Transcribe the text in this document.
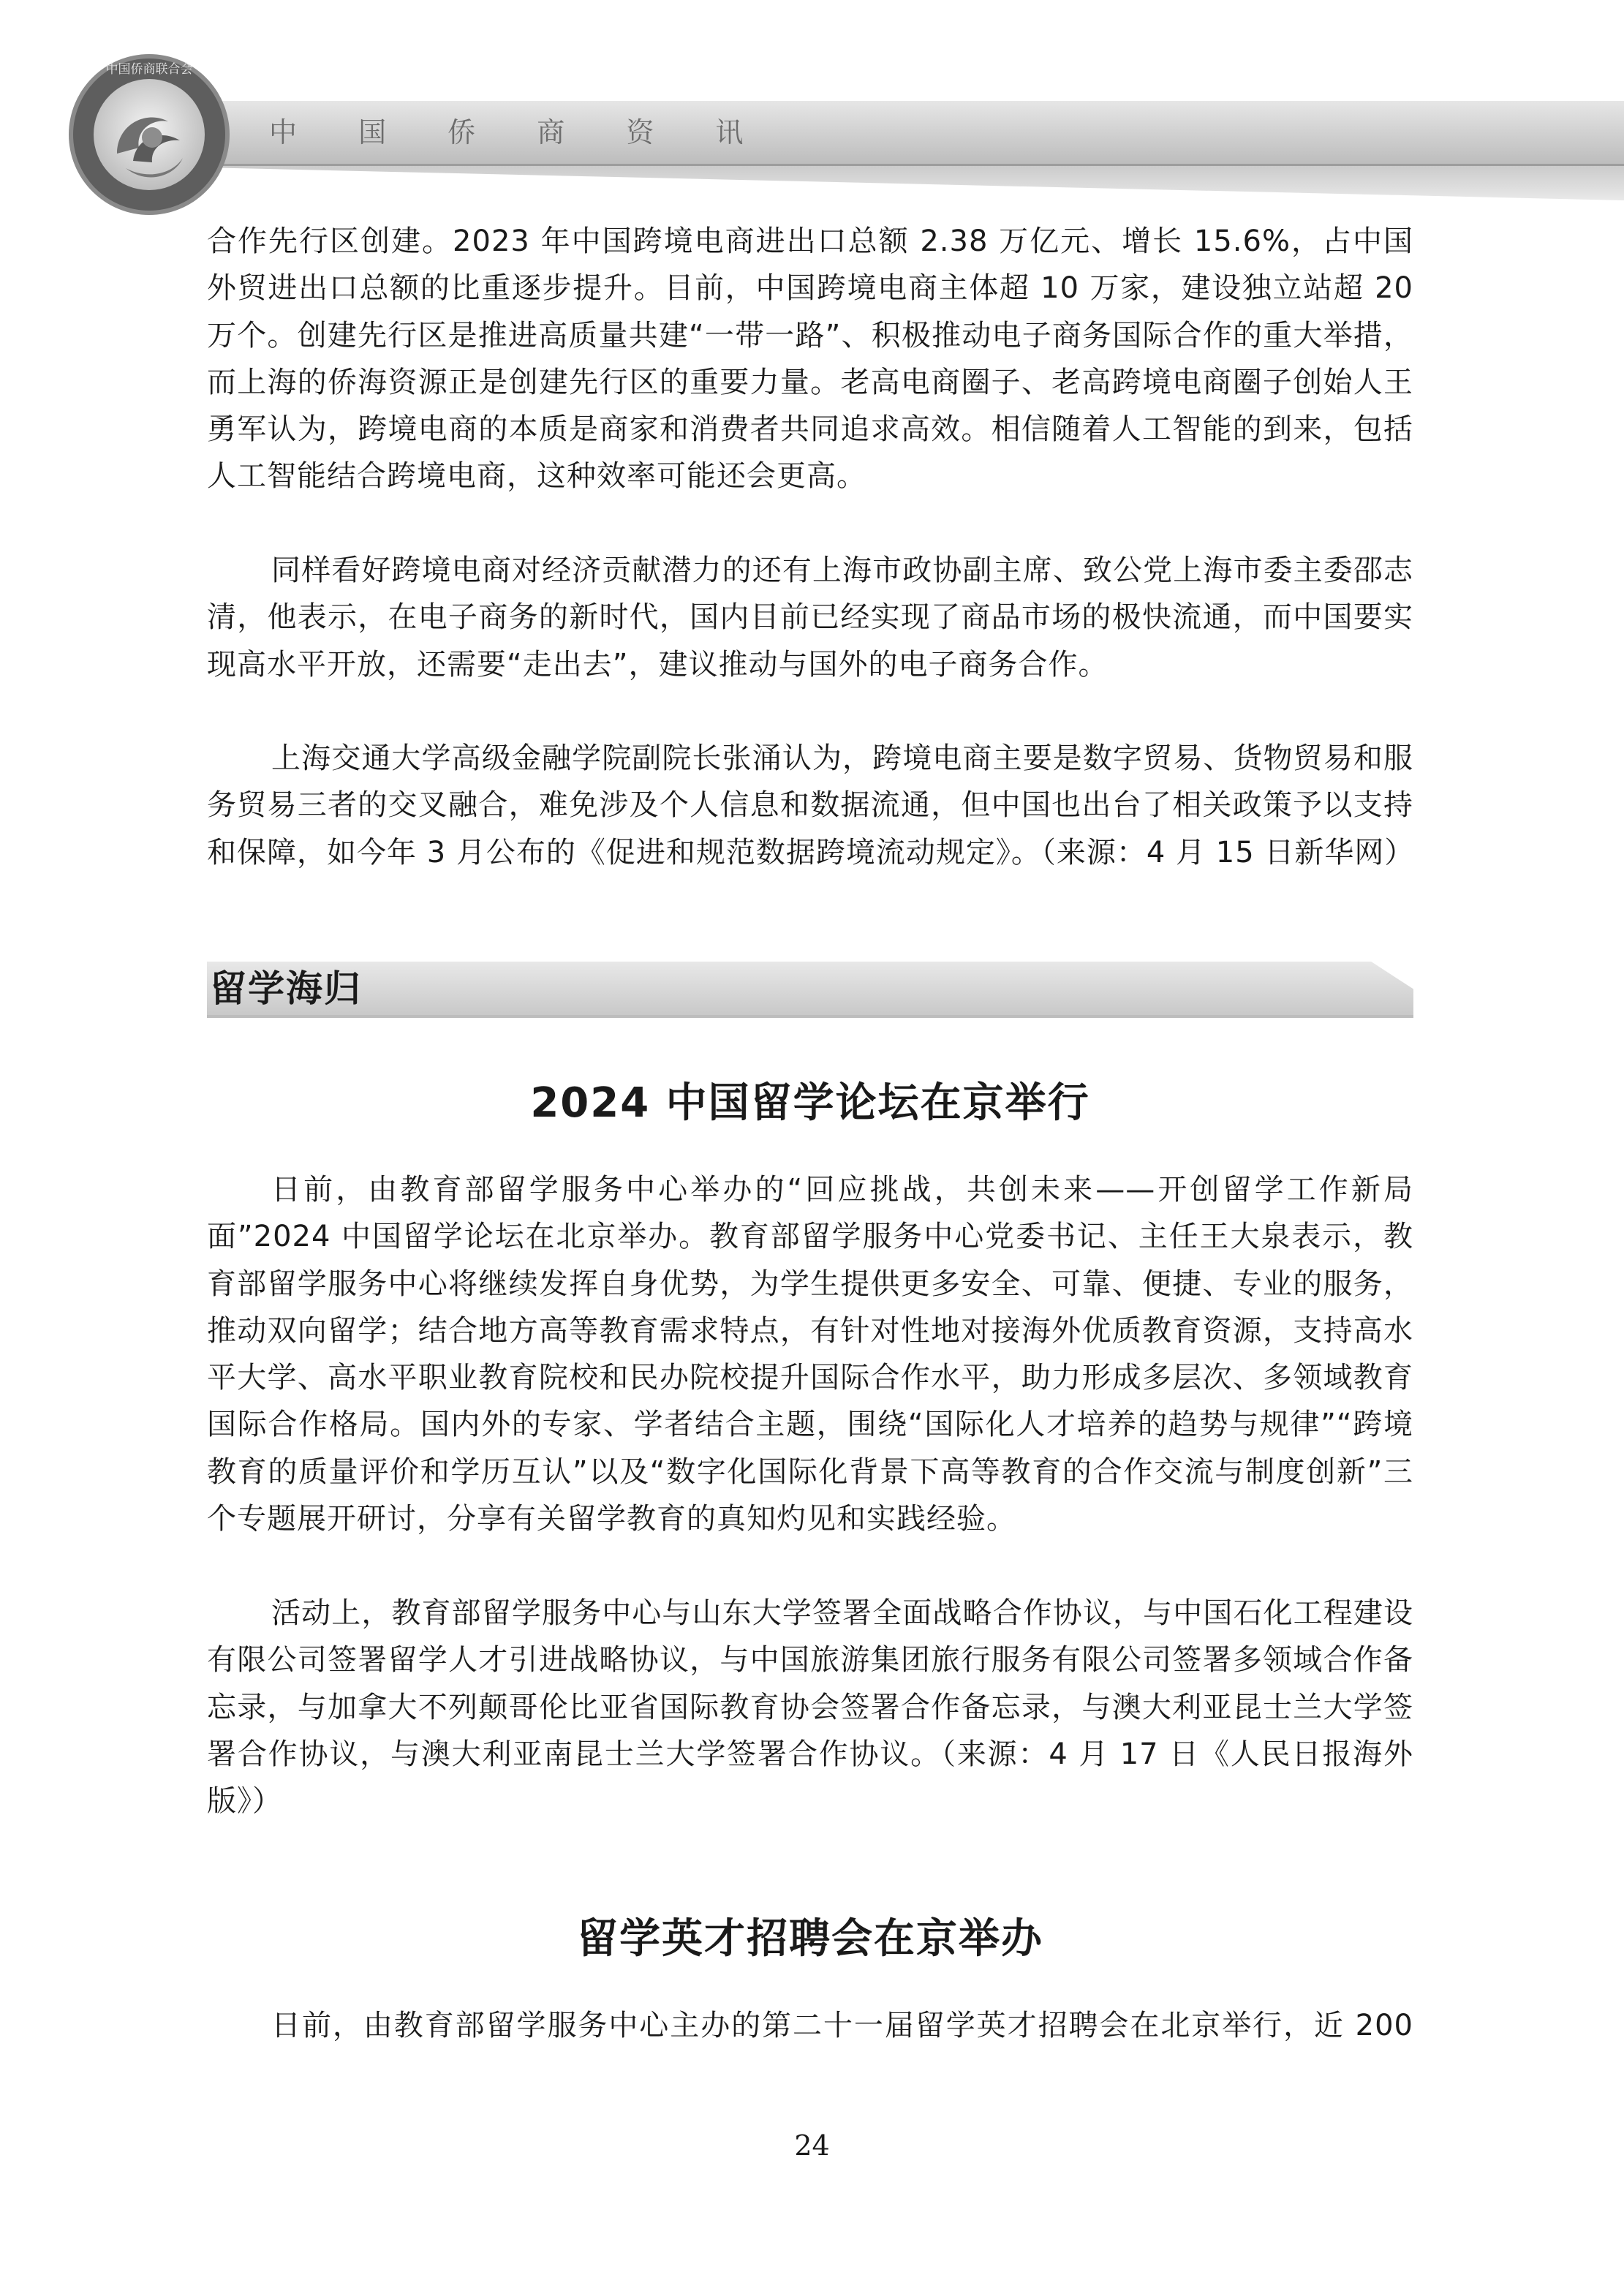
中国侨商联合会
中 国 侨 商 资 讯

合作先行区创建。2023 年中国跨境电商进出口总额 2.38 万亿元、增长 15.6%，占中国外贸进出口总额的比重逐步提升。目前，中国跨境电商主体超 10 万家，建设独立站超 20 万个。创建先行区是推进高质量共建“一带一路”、积极推动电子商务国际合作的重大举措，而上海的侨海资源正是创建先行区的重要力量。老高电商圈子、老高跨境电商圈子创始人王勇军认为，跨境电商的本质是商家和消费者共同追求高效。相信随着人工智能的到来，包括人工智能结合跨境电商，这种效率可能还会更高。

同样看好跨境电商对经济贡献潜力的还有上海市政协副主席、致公党上海市委主委邵志清，他表示，在电子商务的新时代，国内目前已经实现了商品市场的极快流通，而中国要实现高水平开放，还需要“走出去”，建议推动与国外的电子商务合作。

上海交通大学高级金融学院副院长张涌认为，跨境电商主要是数字贸易、货物贸易和服务贸易三者的交叉融合，难免涉及个人信息和数据流通，但中国也出台了相关政策予以支持和保障，如今年 3 月公布的《促进和规范数据跨境流动规定》。（来源：4 月 15 日新华网）

留学海归
2024 中国留学论坛在京举行

日前，由教育部留学服务中心举办的“回应挑战，共创未来——开创留学工作新局面”2024 中国留学论坛在北京举办。教育部留学服务中心党委书记、主任王大泉表示，教育部留学服务中心将继续发挥自身优势，为学生提供更多安全、可靠、便捷、专业的服务，推动双向留学；结合地方高等教育需求特点，有针对性地对接海外优质教育资源，支持高水平大学、高水平职业教育院校和民办院校提升国际合作水平，助力形成多层次、多领域教育国际合作格局。国内外的专家、学者结合主题，围绕“国际化人才培养的趋势与规律”“跨境教育的质量评价和学历互认”以及“数字化国际化背景下高等教育的合作交流与制度创新”三个专题展开研讨，分享有关留学教育的真知灼见和实践经验。

活动上，教育部留学服务中心与山东大学签署全面战略合作协议，与中国石化工程建设有限公司签署留学人才引进战略协议，与中国旅游集团旅行服务有限公司签署多领域合作备忘录，与加拿大不列颠哥伦比亚省国际教育协会签署合作备忘录，与澳大利亚昆士兰大学签署合作协议，与澳大利亚南昆士兰大学签署合作协议。（来源：4 月 17 日《人民日报海外版》）

留学英才招聘会在京举办

日前，由教育部留学服务中心主办的第二十一届留学英才招聘会在北京举行，近 200

24
